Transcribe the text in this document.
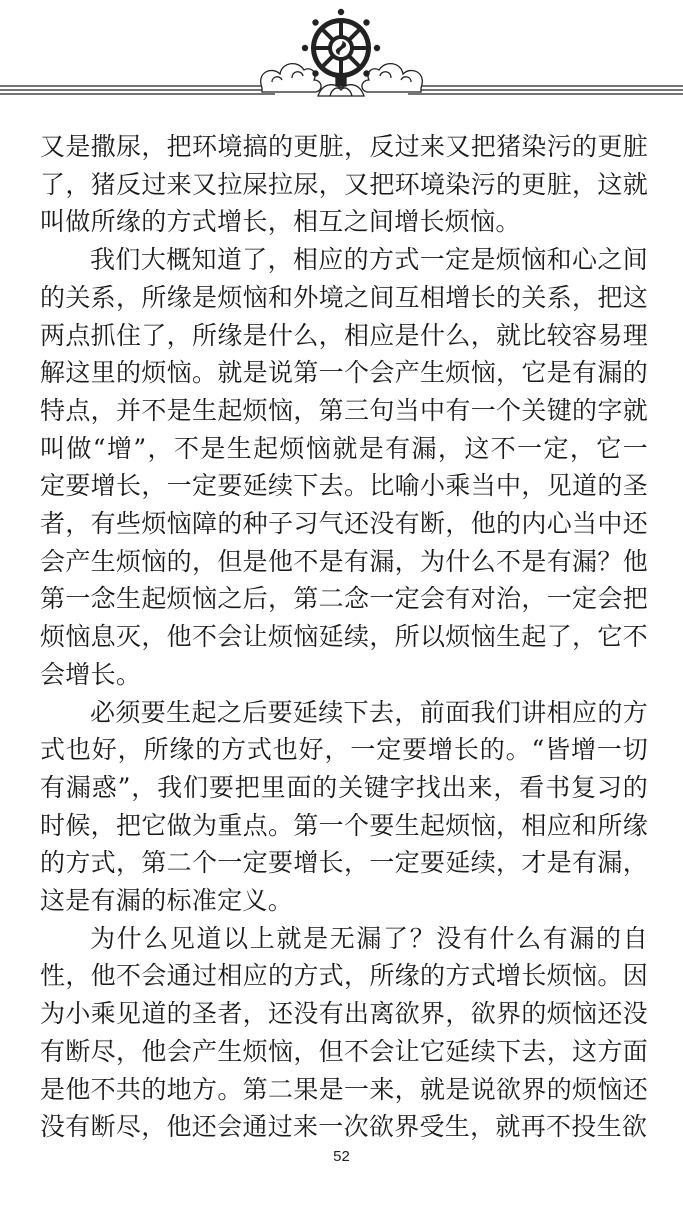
又是撒尿，把环境搞的更脏，反过来又把猪染污的更脏了，猪反过来又拉屎拉尿，又把环境染污的更脏，这就叫做所缘的方式增长，相互之间增长烦恼。

我们大概知道了，相应的方式一定是烦恼和心之间的关系，所缘是烦恼和外境之间互相增长的关系，把这两点抓住了，所缘是什么，相应是什么，就比较容易理解这里的烦恼。就是说第一个会产生烦恼，它是有漏的特点，并不是生起烦恼，第三句当中有一个关键的字就叫做“增”，不是生起烦恼就是有漏，这不一定，它一定要增长，一定要延续下去。比喻小乘当中，见道的圣者，有些烦恼障的种子习气还没有断，他的内心当中还会产生烦恼的，但是他不是有漏，为什么不是有漏？他第一念生起烦恼之后，第二念一定会有对治，一定会把烦恼息灭，他不会让烦恼延续，所以烦恼生起了，它不会增长。

必须要生起之后要延续下去，前面我们讲相应的方式也好，所缘的方式也好，一定要增长的。“皆增一切有漏惑”，我们要把里面的关键字找出来，看书复习的时候，把它做为重点。第一个要生起烦恼，相应和所缘的方式，第二个一定要增长，一定要延续，才是有漏，这是有漏的标准定义。

为什么见道以上就是无漏了？没有什么有漏的自性，他不会通过相应的方式，所缘的方式增长烦恼。因为小乘见道的圣者，还没有出离欲界，欲界的烦恼还没有断尽，他会产生烦恼，但不会让它延续下去，这方面是他不共的地方。第二果是一来，就是说欲界的烦恼还没有断尽，他还会通过来一次欲界受生，就再不投生欲

52
